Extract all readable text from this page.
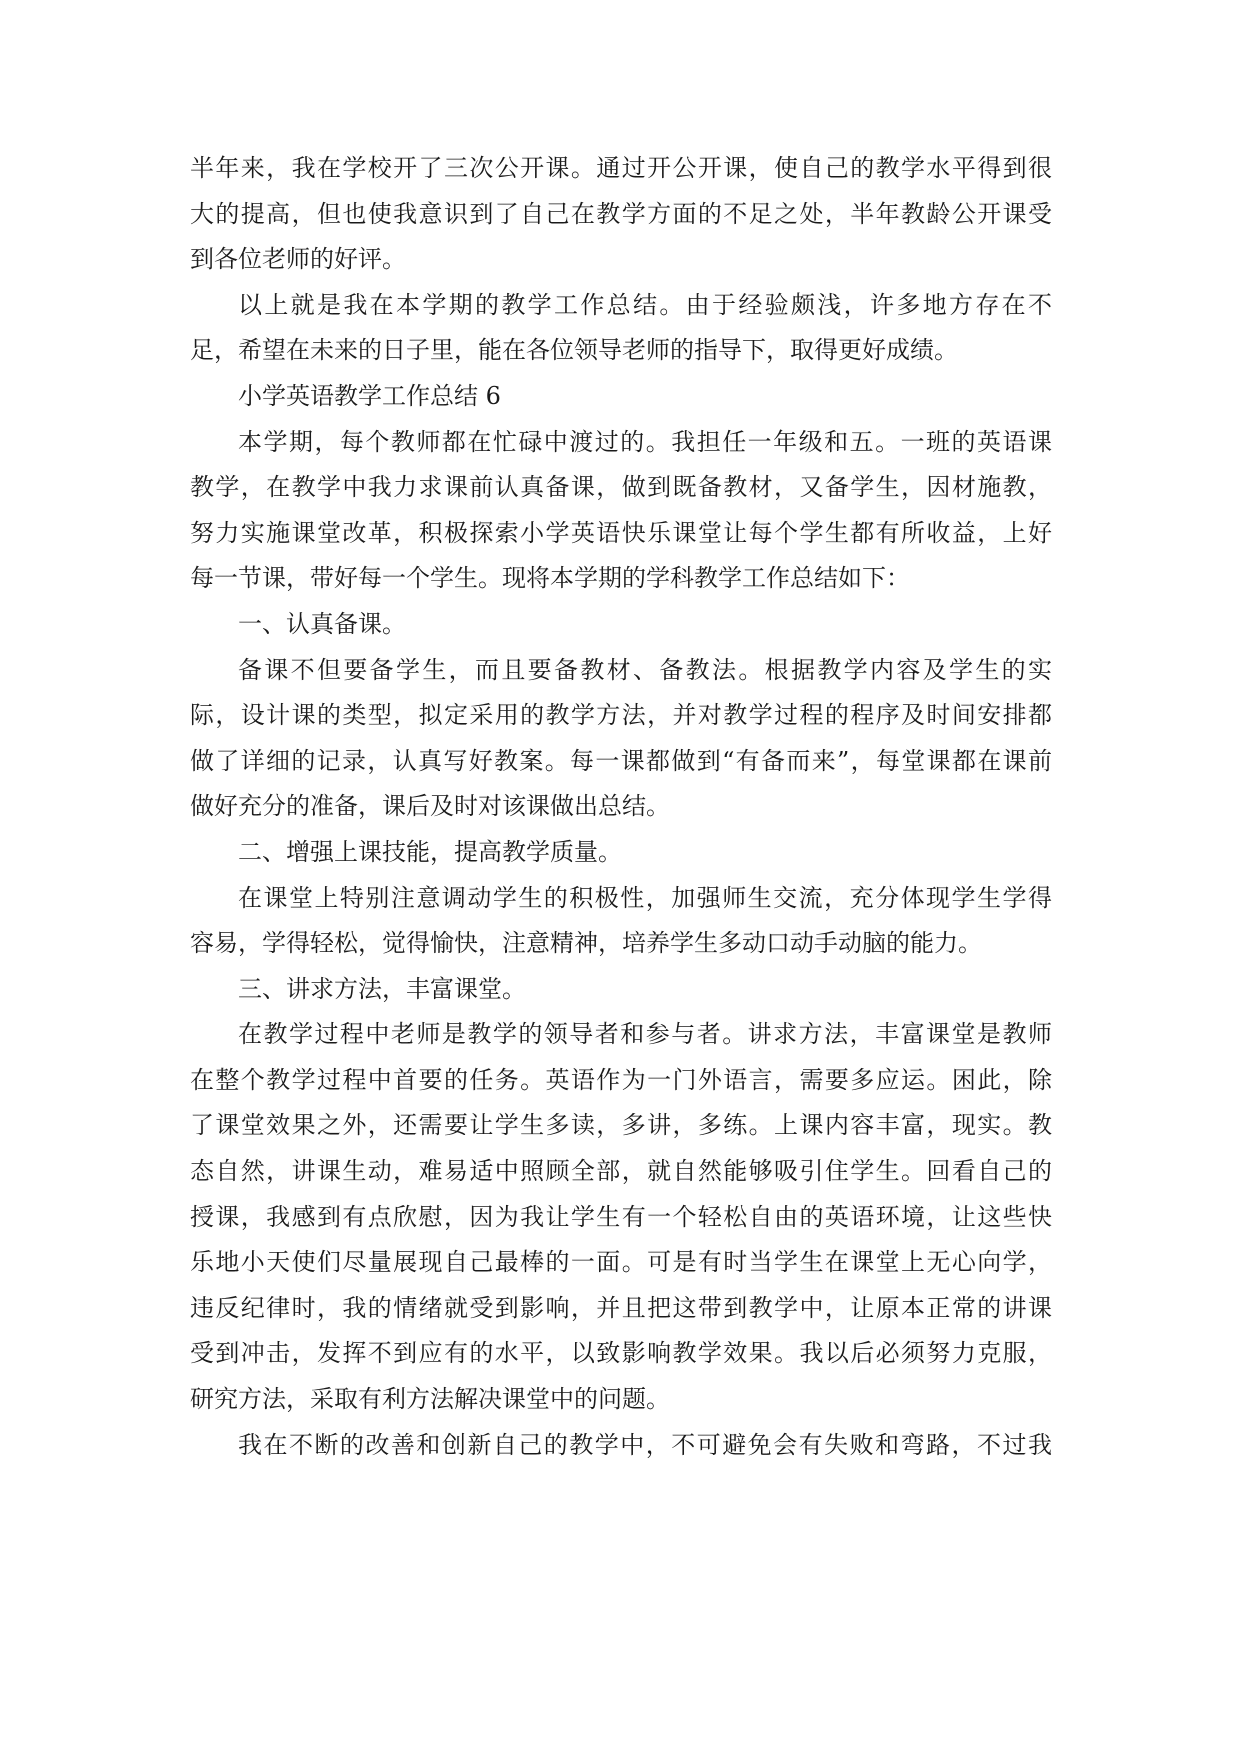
半年来，我在学校开了三次公开课。通过开公开课，使自己的教学水平得到很
大的提高，但也使我意识到了自己在教学方面的不足之处，半年教龄公开课受
到各位老师的好评。
以上就是我在本学期的教学工作总结。由于经验颇浅，许多地方存在不
足，希望在未来的日子里，能在各位领导老师的指导下，取得更好成绩。
小学英语教学工作总结 6
本学期，每个教师都在忙碌中渡过的。我担任一年级和五。一班的英语课
教学，在教学中我力求课前认真备课，做到既备教材，又备学生，因材施教，
努力实施课堂改革，积极探索小学英语快乐课堂让每个学生都有所收益，上好
每一节课，带好每一个学生。现将本学期的学科教学工作总结如下：
一、认真备课。
备课不但要备学生，而且要备教材、备教法。根据教学内容及学生的实
际，设计课的类型，拟定采用的教学方法，并对教学过程的程序及时间安排都
做了详细的记录，认真写好教案。每一课都做到“有备而来”，每堂课都在课前
做好充分的准备，课后及时对该课做出总结。
二、增强上课技能，提高教学质量。
在课堂上特别注意调动学生的积极性，加强师生交流，充分体现学生学得
容易，学得轻松，觉得愉快，注意精神，培养学生多动口动手动脑的能力。
三、讲求方法，丰富课堂。
在教学过程中老师是教学的领导者和参与者。讲求方法，丰富课堂是教师
在整个教学过程中首要的任务。英语作为一门外语言，需要多应运。困此，除
了课堂效果之外，还需要让学生多读，多讲，多练。上课内容丰富，现实。教
态自然，讲课生动，难易适中照顾全部，就自然能够吸引住学生。回看自己的
授课，我感到有点欣慰，因为我让学生有一个轻松自由的英语环境，让这些快
乐地小天使们尽量展现自己最棒的一面。可是有时当学生在课堂上无心向学，
违反纪律时，我的情绪就受到影响，并且把这带到教学中，让原本正常的讲课
受到冲击，发挥不到应有的水平，以致影响教学效果。我以后必须努力克服，
研究方法，采取有利方法解决课堂中的问题。
我在不断的改善和创新自己的教学中，不可避免会有失败和弯路，不过我
